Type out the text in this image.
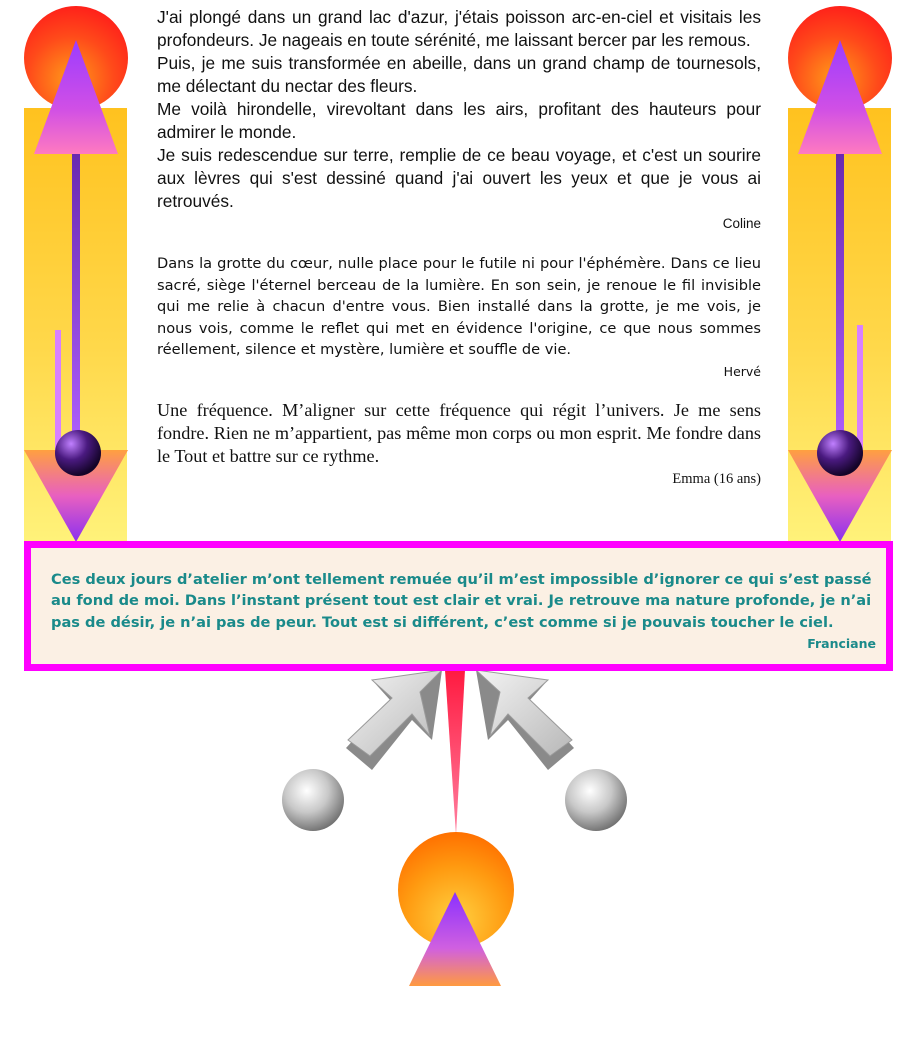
J'ai plongé dans un grand lac d'azur, j'étais poisson arc-en-ciel et visitais les profondeurs. Je nageais en toute sérénité, me laissant bercer par les remous.

Puis, je me suis transformée en abeille, dans un grand champ de tournesols, me délectant du nectar des fleurs.

Me voilà hirondelle, virevoltant dans les airs, profitant des hauteurs pour admirer le monde.

Je suis redescendue sur terre, remplie de ce beau voyage, et c'est un sourire aux lèvres qui s'est dessiné quand j'ai ouvert les yeux et que je vous ai retrouvés.

Coline

Dans la grotte du cœur, nulle place pour le futile ni pour l'éphémère. Dans ce lieu sacré, siège l'éternel berceau de la lumière. En son sein, je renoue le fil invisible qui me relie à chacun d'entre vous. Bien installé dans la grotte, je me vois, je nous vois, comme le reflet qui met en évidence l'origine, ce que nous sommes réellement, silence et mystère, lumière et souffle de vie.

Hervé

Une fréquence. M’aligner sur cette fréquence qui régit l’univers. Je me sens fondre. Rien ne m’appartient, pas même mon corps ou mon esprit. Me fondre dans le Tout et battre sur ce rythme.

Emma (16 ans)

Ces deux jours d’atelier m’ont tellement remuée qu’il m’est impossible d’ignorer ce qui s’est passé au fond de moi. Dans l’instant présent tout est clair et vrai. Je retrouve ma nature profonde, je n’ai pas de désir, je n’ai pas de peur. Tout est si différent, c’est comme si je pouvais toucher le ciel.

Franciane
